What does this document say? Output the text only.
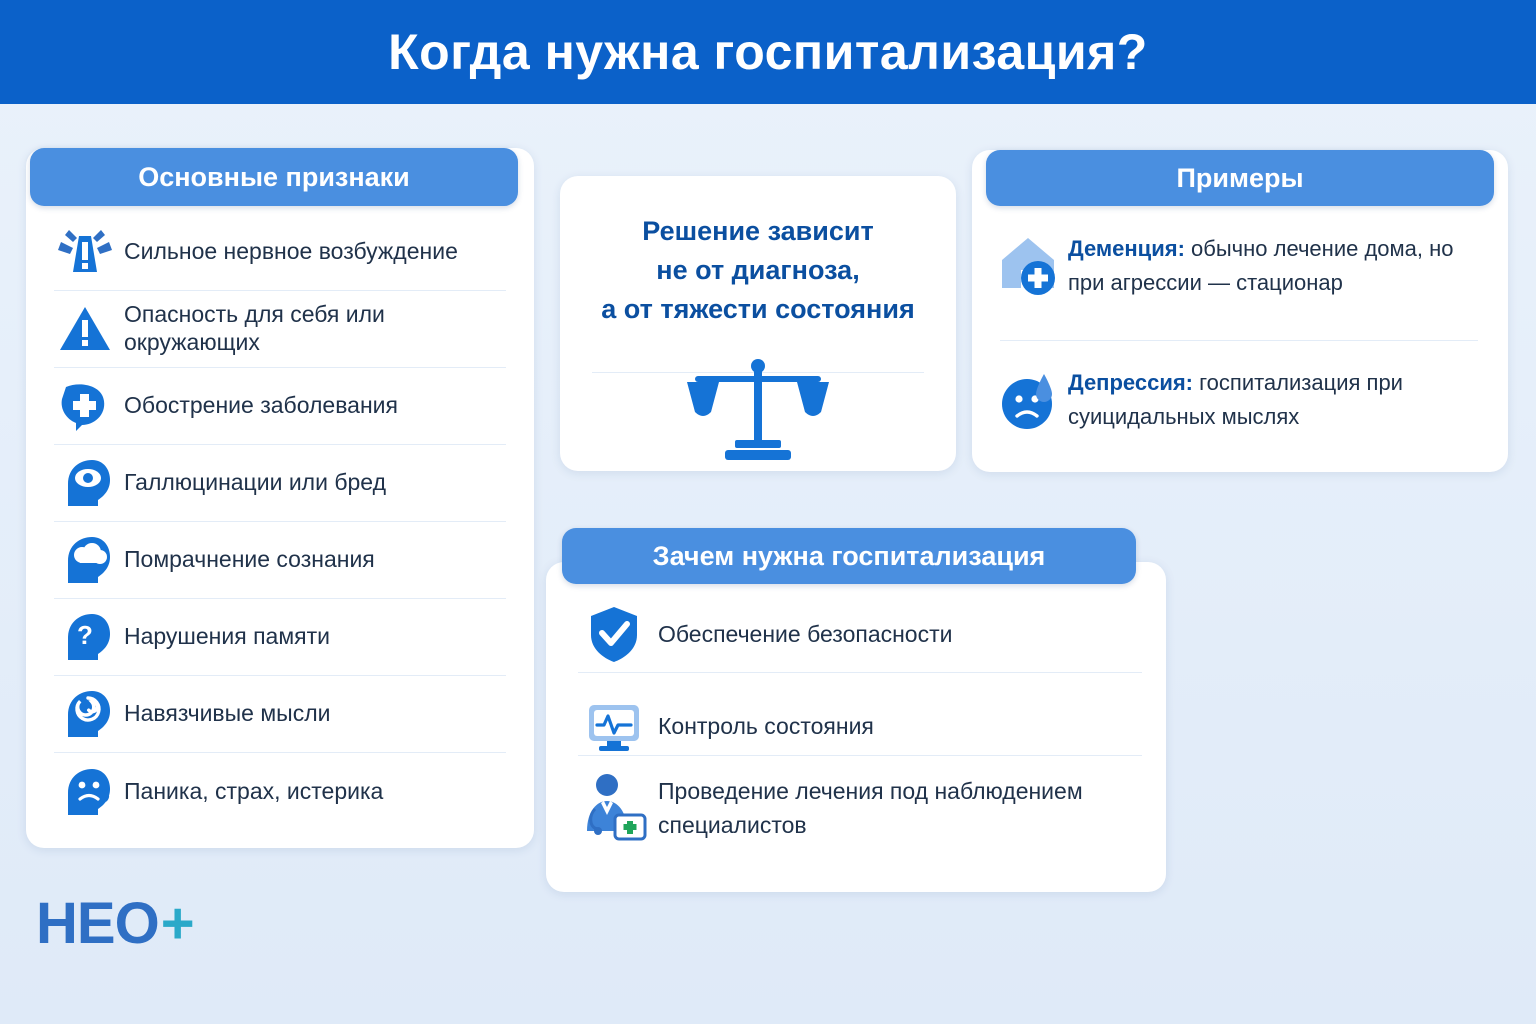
Когда нужна госпитализация?
Основные признаки
Сильное нервное возбуждение
Опасность для себя или окружающих
Обострение заболевания
Галлюцинации или бред
Помрачнение сознания
?	Нарушения памяти
Навязчивые мысли
Паника, страх, истерика
Решение зависит
не от диагноза,
а от тяжести состояния
Примеры
Деменция: обычно лечение дома, но при агрессии — стационар
Депрессия: госпитализация при суицидальных мыслях
Зачем нужна госпитализация
Обеспечение безопасности
Контроль состояния
Проведение лечения под наблюдением специалистов
HEO +
